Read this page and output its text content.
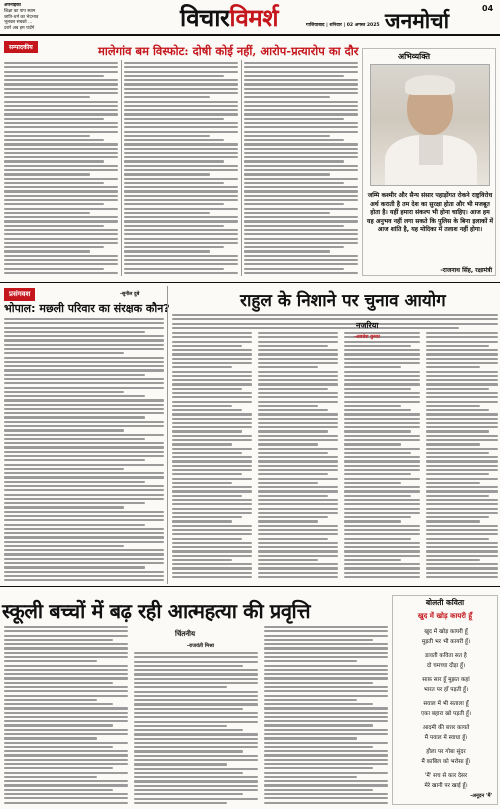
अपनाइका
शिक्षा का पाप स्थान
जाति-धर्म का भेदभाव
भूलकर सबको ...
दरारें अब हम पाटेंगे	विचारविमर्श	गाजियाबाद | शनिवार | 02 अगस्त 2025 जनमोर्चा	04
सम्पादकीय	मालेगांव बम विस्फोट: दोषी कोई नहीं, आरोप-प्रत्यारोप का दौर	अभिव्यक्ति
जम्मि कश्मीर और सैन्य संसार पहाड़ोंगत रोकने राष्ट्रविरोध अर्थ कराती है तम देश का सुरक्षा होता और भी मजबूत होता है। यहीं हमारा संकल्प भी होना चाहिए। आज हम यह अनुभव नहीं लगा सकते कि पुलिस के बिना इलाकों में आज शांति है, यह मोदिका में तलाश नहीं होगा।
-राजनाथ सिंह, रक्षामंत्री
प्रसंगवश	-सुनील दुबे
भोपाल: मछली परिवार का संरक्षक कौन?	राहुल के निशाने पर चुनाव आयोग
नजरिया
-अवधेश कुमार
स्कूली बच्चों में बढ़ रही आत्महत्या की प्रवृत्ति
चिंतनीय
-राजवंती मिश्रा
बोलती कविता
खुद में खोड़ कायरी हूँ
खुद में खोड़ कायरी हूँ
मुड़ती भर भी कायरी हूँ।
डावती कविता सत है
दो चमच्चा दौड़ा हूँ।
साफ़ सार हूँ मुझत कहां
भारत पर हाँ पड़ती हूँ।
सवाल में भी सताला हूँ
एका बहारा खो पड़ती हूँ।
आदमी की बत्तर कायते
मैं पवाल में स्वाधा हूँ।
हौला पर गोबा सुंदर
मैं काबिल को भरोसा हूँ।
'मैं' सच से कार देसर
मेरे खानी पर खाई हूँ।
-अनूदन 'मैं'
